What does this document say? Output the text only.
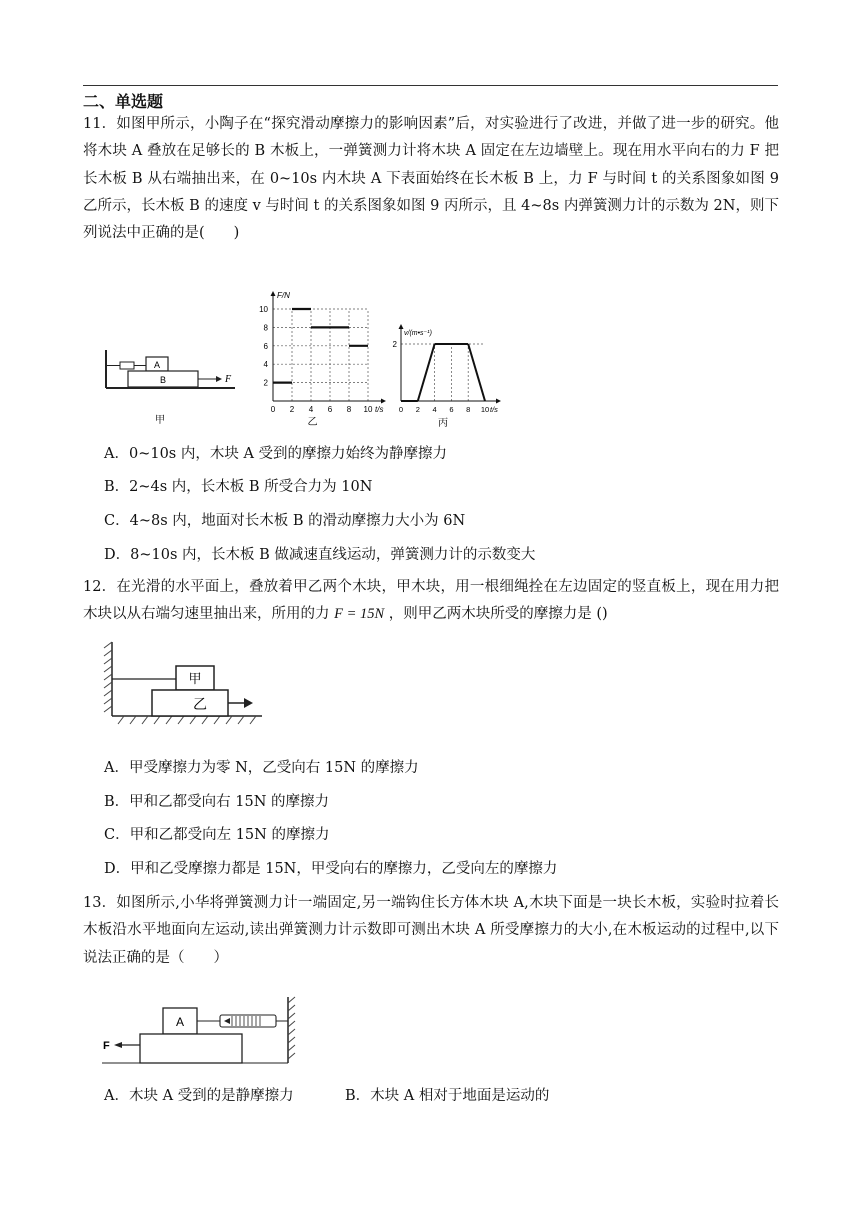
二、单选题
11．如图甲所示，小陶子在“探究滑动摩擦力的影响因素”后，对实验进行了改进，并做了进一步的研究。他将木块 A 叠放在足够长的 B 木板上，一弹簧测力计将木块 A 固定在左边墙壁上。现在用水平向右的力 F 把长木板 B 从右端抽出来，在 0~10s 内木块 A 下表面始终在长木板 B 上，力 F 与时间 t 的关系图象如图 9 乙所示，长木板 B 的速度 v 与时间 t 的关系图象如图 9 丙所示，且 4~8s 内弹簧测力计的示数为 2N，则下列说法中正确的是(　　)
A
B	F
甲
10
8
6
4
2
0 2 4 6 8 10
F/N
t/s
乙
2
0 2 4 6 8 10
v/(m•s⁻¹)
t/s
丙
A．0~10s 内，木块 A 受到的摩擦力始终为静摩擦力
B．2~4s 内，长木板 B 所受合力为 10N
C．4~8s 内，地面对长木板 B 的滑动摩擦力大小为 6N
D．8~10s 内，长木板 B 做减速直线运动，弹簧测力计的示数变大
12．在光滑的水平面上，叠放着甲乙两个木块，甲木块，用一根细绳拴在左边固定的竖直板上，现在用力把木块以从右端匀速里抽出来，所用的力 F = 15N ，则甲乙两木块所受的摩擦力是 ()
甲
乙
A．甲受摩擦力为零 N，乙受向右 15N 的摩擦力
B．甲和乙都受向右 15N 的摩擦力
C．甲和乙都受向左 15N 的摩擦力
D．甲和乙受摩擦力都是 15N，甲受向右的摩擦力，乙受向左的摩擦力
13．如图所示,小华将弹簧测力计一端固定,另一端钩住长方体木块 A,木块下面是一块长木板，实验时拉着长木板沿水平地面向左运动,读出弹簧测力计示数即可测出木块 A 所受摩擦力的大小,在木板运动的过程中,以下说法正确的是（　　）
A
F
A．木块 A 受到的是静摩擦力	B．木块 A 相对于地面是运动的
